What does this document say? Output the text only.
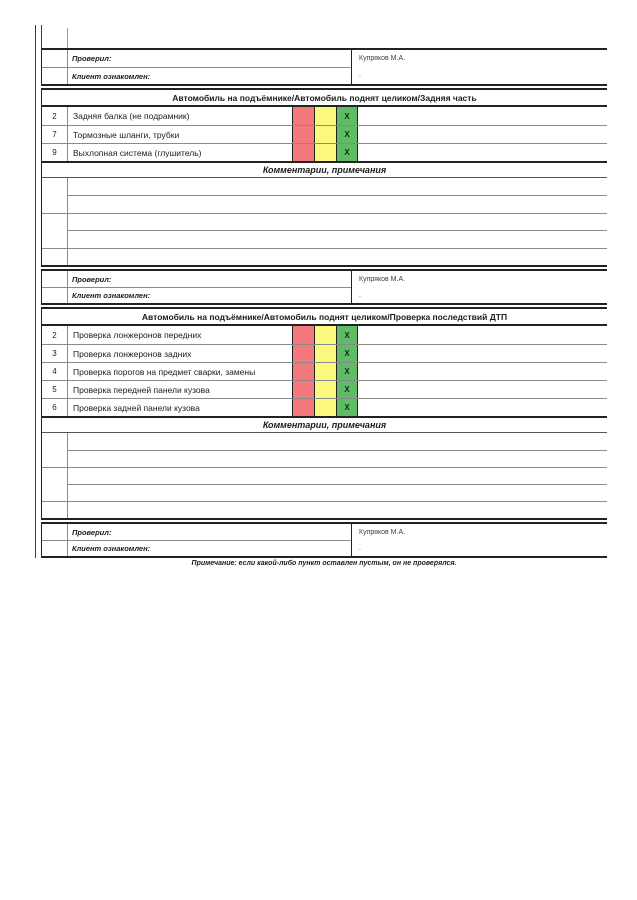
Проверил:	Купряков М.А.
Клиент ознакомлен:	.
Автомобиль на подъёмнике/Автомобиль поднят целиком/Задняя часть
2	Задняя балка (не подрамник)	X
7	Тормозные шланги, трубки	X
9	Выхлопная система (глушитель)	X
Комментарии, примечания
Проверил:	Купряков М.А.
Клиент ознакомлен:	.
Автомобиль на подъёмнике/Автомобиль поднят целиком/Проверка последствий ДТП
2	Проверка лонжеронов передних	X
3	Проверка лонжеронов задних	X
4	Проверка порогов на предмет сварки, замены	X
5	Проверка передней панели кузова	X
6	Проверка задней панели кузова	X
Комментарии, примечания
Проверил:	Купряков М.А.
Клиент ознакомлен:	.
Примечание: если какой-либо пункт оставлен пустым, он не проверялся.
